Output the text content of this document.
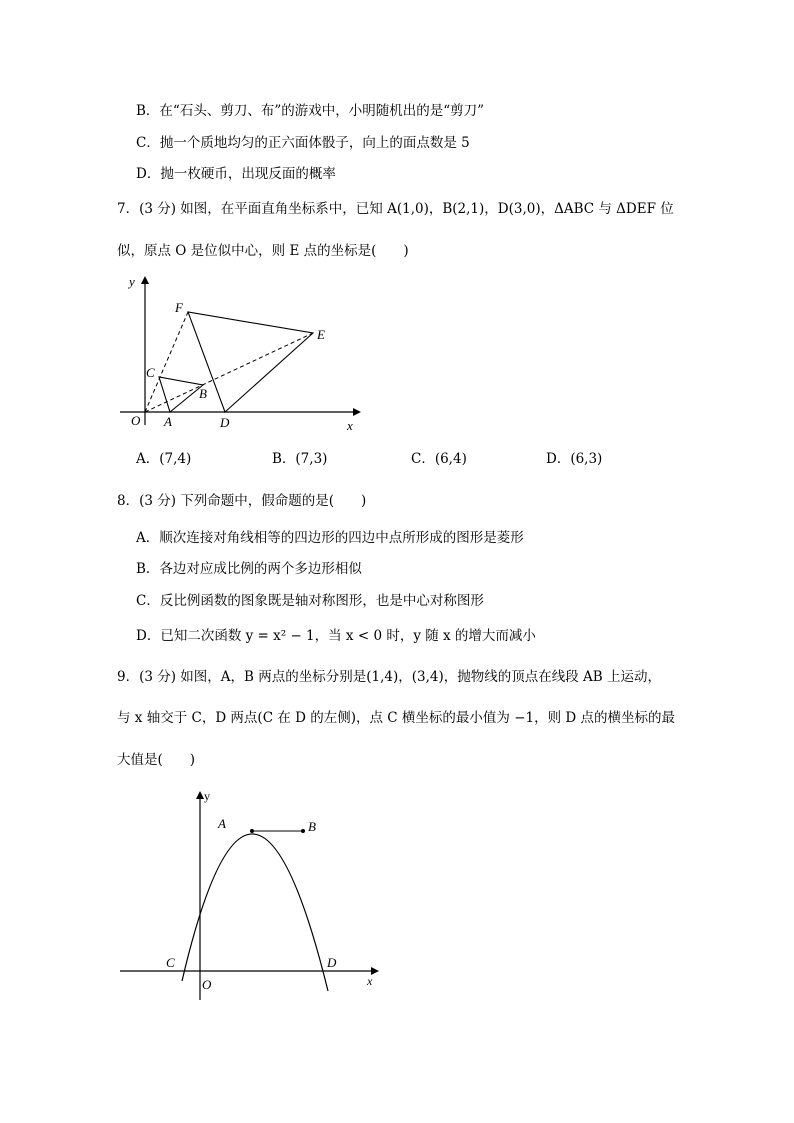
B．在“石头、剪刀、布”的游戏中，小明随机出的是“剪刀”
C．抛一个质地均匀的正六面体骰子，向上的面点数是 5
D．抛一枚硬币，出现反面的概率
7．(3 分) 如图，在平面直角坐标系中，已知 A(1,0)，B(2,1)，D(3,0)，ΔABC 与 ΔDEF 位
似，原点 O 是位似中心，则 E 点的坐标是(　　)
y
x
O A
B
C
D
E
F
A．(7,4)	B．(7,3)	C．(6,4)	D．(6,3)
8．(3 分) 下列命题中，假命题的是(　　)
A．顺次连接对角线相等的四边形的四边中点所形成的图形是菱形
B．各边对应成比例的两个多边形相似
C．反比例函数的图象既是轴对称图形，也是中心对称图形
D．已知二次函数 y = x² − 1，当 x < 0 时，y 随 x 的增大而减小
9．(3 分) 如图，A，B 两点的坐标分别是(1,4)，(3,4)，抛物线的顶点在线段 AB 上运动，
与 x 轴交于 C，D 两点(C 在 D 的左侧)，点 C 横坐标的最小值为 −1，则 D 点的横坐标的最
大值是(　　)
y
x
O
A	B
C	D
